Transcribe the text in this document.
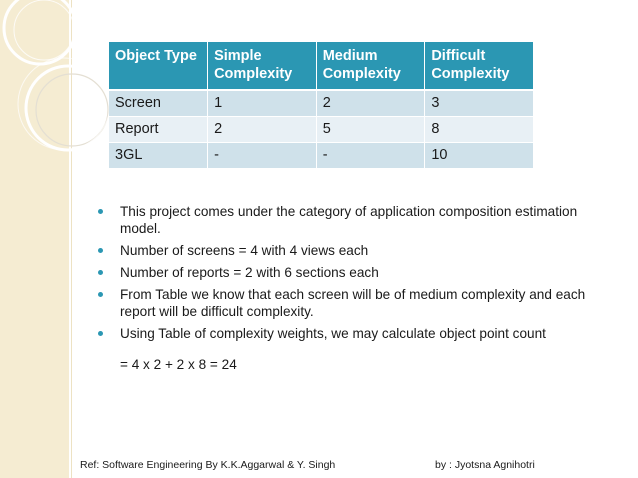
Object Type	Simple Complexity	Medium Complexity	Difficult Complexity
Screen	1	2	3
Report	2	5	8
3GL	-	-	10
This project comes under the category of application composition estimation model.
Number of screens = 4 with 4 views each
Number of reports = 2 with 6 sections each
From Table we know that each screen will be of medium complexity and each report will be difficult complexity.
Using Table of complexity weights, we may calculate object point count
= 4 x 2 + 2 x 8 = 24
Ref: Software Engineering By K.K.Aggarwal & Y. Singh	by : Jyotsna Agnihotri
